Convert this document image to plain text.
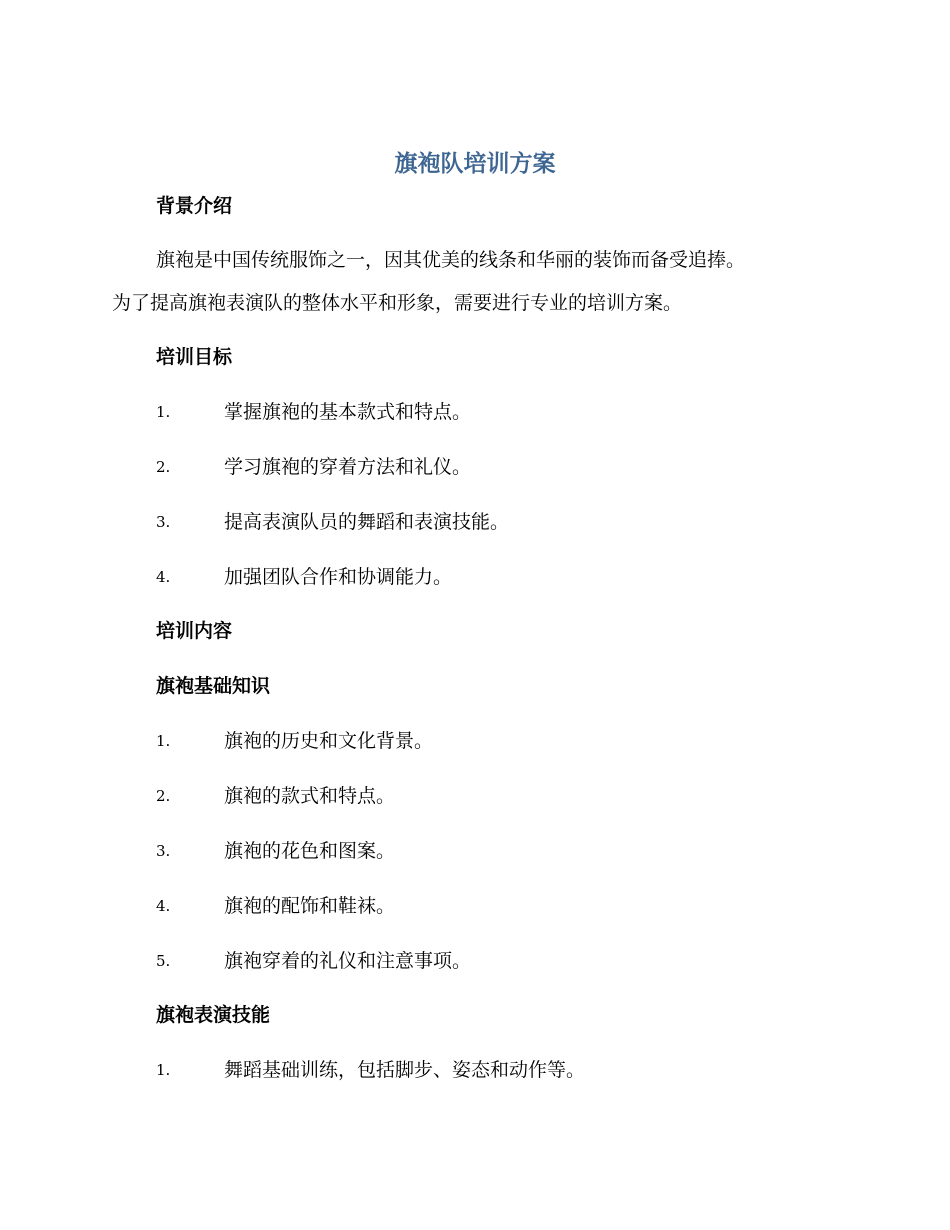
旗袍队培训方案
背景介绍
旗袍是中国传统服饰之一，因其优美的线条和华丽的装饰而备受追捧。
为了提高旗袍表演队的整体水平和形象，需要进行专业的培训方案。
培训目标
1.	掌握旗袍的基本款式和特点。
2.	学习旗袍的穿着方法和礼仪。
3.	提高表演队员的舞蹈和表演技能。
4.	加强团队合作和协调能力。
培训内容
旗袍基础知识
1.	旗袍的历史和文化背景。
2.	旗袍的款式和特点。
3.	旗袍的花色和图案。
4.	旗袍的配饰和鞋袜。
5.	旗袍穿着的礼仪和注意事项。
旗袍表演技能
1.	舞蹈基础训练，包括脚步、姿态和动作等。
